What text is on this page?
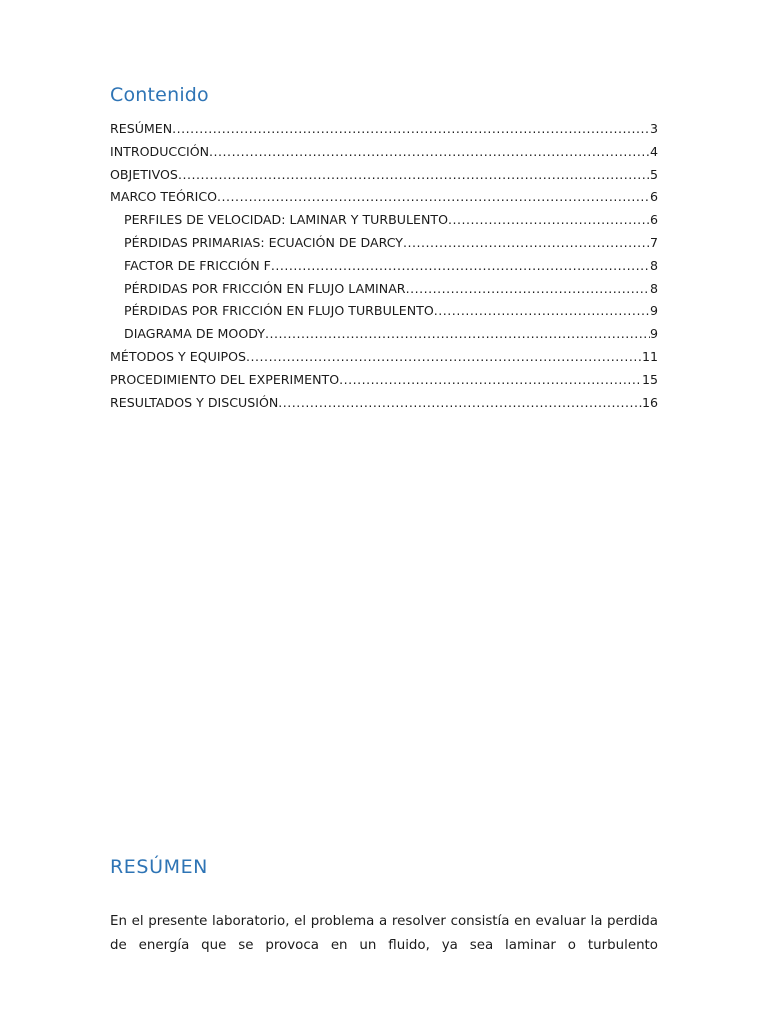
Contenido
RESÚMEN .....	3
INTRODUCCIÓN .....	4
OBJETIVOS .....	5
MARCO TEÓRICO .....	6
PERFILES DE VELOCIDAD: LAMINAR Y TURBULENTO .....	6
PÉRDIDAS PRIMARIAS: ECUACIÓN DE DARCY .....	7
FACTOR DE FRICCIÓN F .....	8
PÉRDIDAS POR FRICCIÓN EN FLUJO LAMINAR .....	8
PÉRDIDAS POR FRICCIÓN EN FLUJO TURBULENTO .....	9
DIAGRAMA DE MOODY .....	9
MÉTODOS Y EQUIPOS .....	11
PROCEDIMIENTO DEL EXPERIMENTO .....	15
RESULTADOS Y DISCUSIÓN .....	16
RESÚMEN

En el presente laboratorio, el problema a resolver consistía en evaluar la perdida de energía que se provoca en un fluido, ya sea laminar o turbulento
